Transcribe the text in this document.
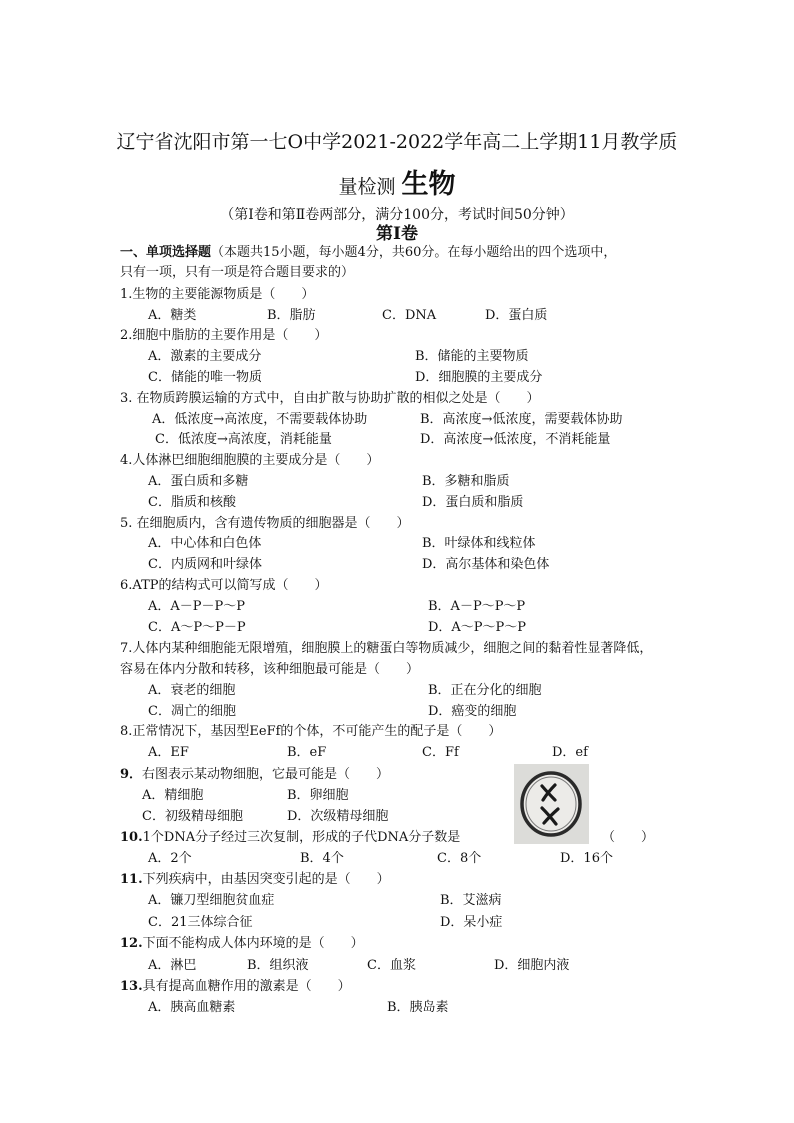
辽宁省沈阳市第一七O中学2021-2022学年高二上学期11月教学质
量检测 生物
（第Ⅰ卷和第Ⅱ卷两部分，满分100分，考试时间50分钟）
第Ⅰ卷
一、单项选择题（本题共15小题，每小题4分，共60分。在每小题给出的四个选项中，
只有一项，只有一项是符合题目要求的）
1.生物的主要能源物质是（　　）
A．糖类	B．脂肪	C．DNA	D．蛋白质
2.细胞中脂肪的主要作用是（　　）
A．激素的主要成分	B．储能的主要物质
C．储能的唯一物质	D．细胞膜的主要成分
3. 在物质跨膜运输的方式中，自由扩散与协助扩散的相似之处是（　　）
A．低浓度→高浓度，不需要载体协助	B．高浓度→低浓度，需要载体协助
C．低浓度→高浓度，消耗能量	D．高浓度→低浓度，不消耗能量
4.人体淋巴细胞细胞膜的主要成分是（　　）
A．蛋白质和多糖	B．多糖和脂质
C．脂质和核酸	D．蛋白质和脂质
5. 在细胞质内，含有遗传物质的细胞器是（　　）
A．中心体和白色体	B．叶绿体和线粒体
C．内质网和叶绿体	D．高尔基体和染色体
6.ATP的结构式可以简写成（　　）
A．A－P－P～P	B．A－P～P～P
C．A～P～P－P	D．A～P～P～P
7.人体内某种细胞能无限增殖，细胞膜上的糖蛋白等物质减少，细胞之间的黏着性显著降低，
容易在体内分散和转移，该种细胞最可能是（　　）
A．衰老的细胞	B．正在分化的细胞
C．凋亡的细胞	D．癌变的细胞
8.正常情况下，基因型EeFf的个体，不可能产生的配子是（　　）
A．EF	B．eF	C．Ff	D．ef
9．右图表示某动物细胞，它最可能是（　　）
A．精细胞	B．卵细胞
C．初级精母细胞	D．次级精母细胞
10.1个DNA分子经过三次复制，形成的子代DNA分子数是	（　　）
A．2个	B．4个	C．8个	D．16个
11.下列疾病中，由基因突变引起的是（　　）
A．镰刀型细胞贫血症	B．艾滋病
C．21三体综合征	D．呆小症
12.下面不能构成人体内环境的是（　　）
A．淋巴	B．组织液	C．血浆	D．细胞内液
13.具有提高血糖作用的激素是（　　）
A．胰高血糖素	B．胰岛素
